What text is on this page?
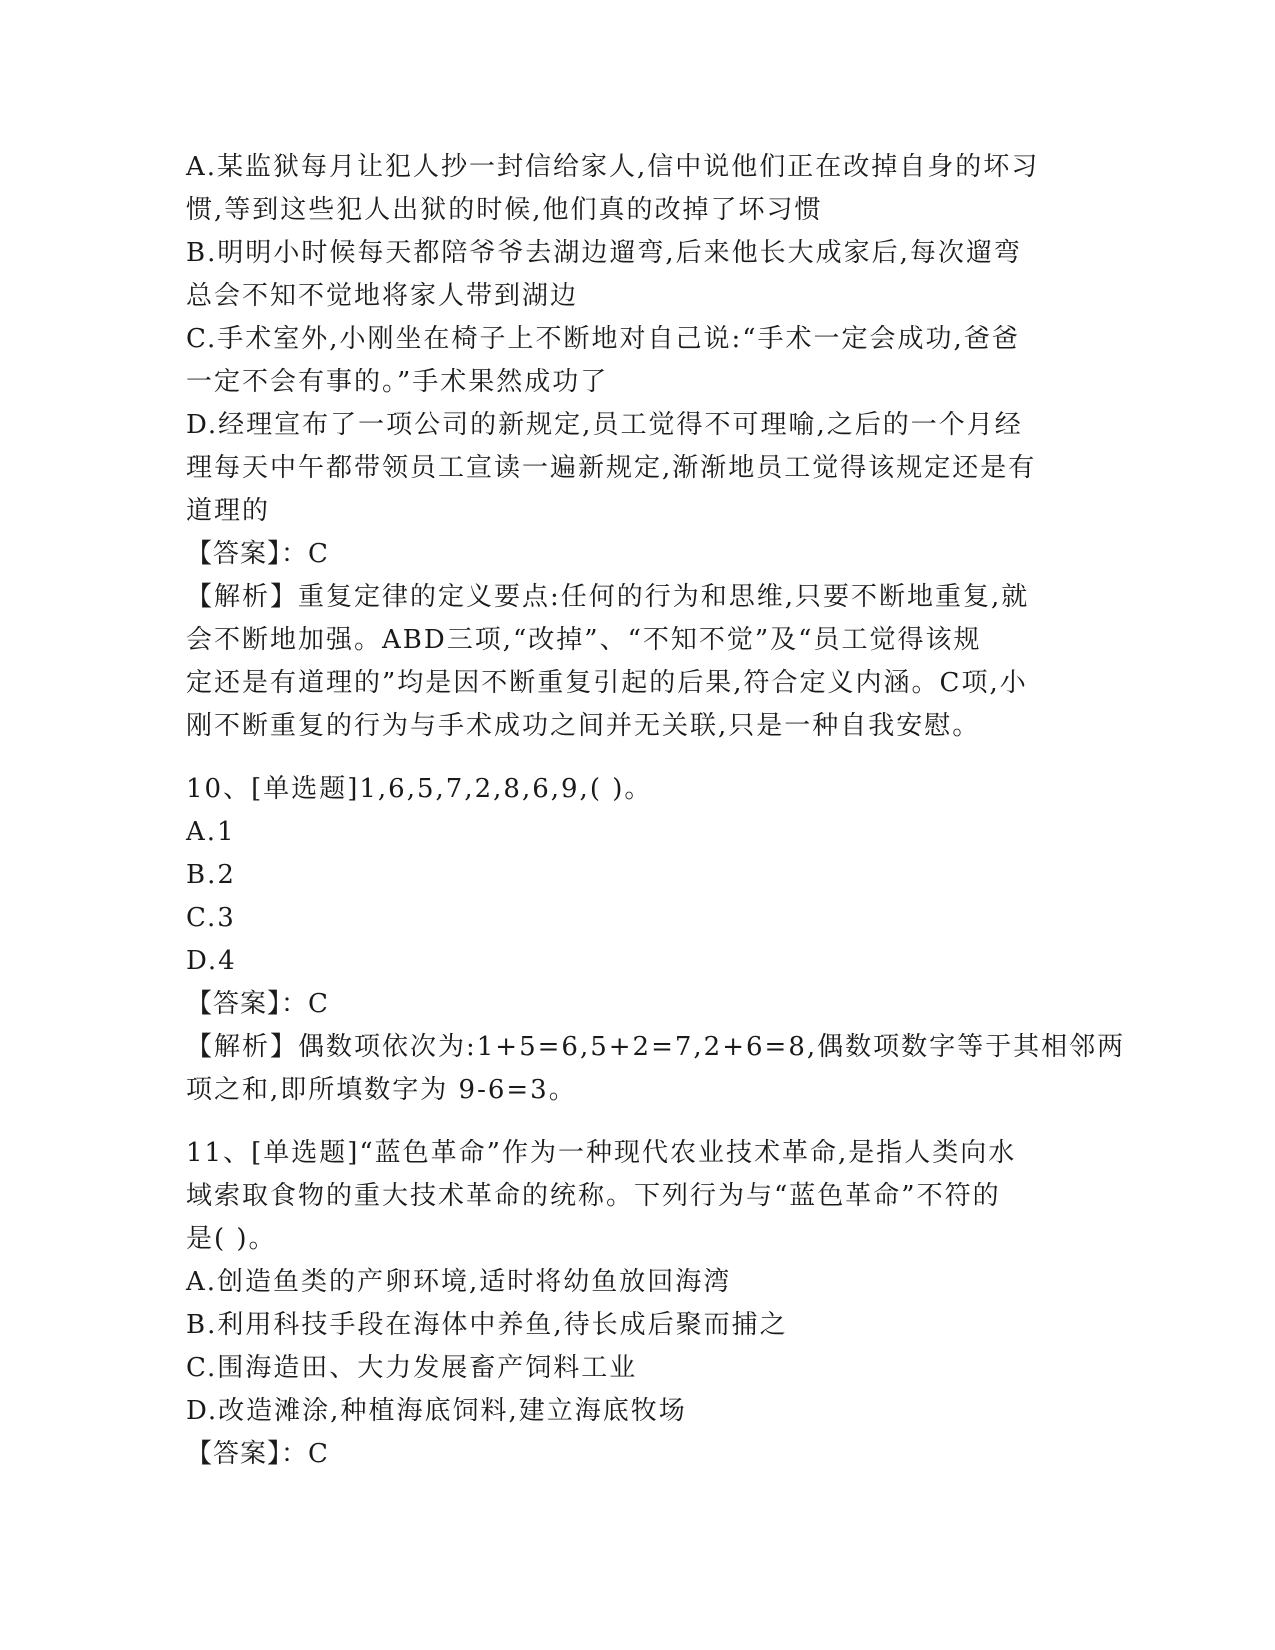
A.某监狱每月让犯人抄一封信给家人,信中说他们正在改掉自身的坏习
惯,等到这些犯人出狱的时候,他们真的改掉了坏习惯
B.明明小时候每天都陪爷爷去湖边遛弯,后来他长大成家后,每次遛弯
总会不知不觉地将家人带到湖边
C.手术室外,小刚坐在椅子上不断地对自己说:“手术一定会成功,爸爸
一定不会有事的。”手术果然成功了
D.经理宣布了一项公司的新规定,员工觉得不可理喻,之后的一个月经
理每天中午都带领员工宣读一遍新规定,渐渐地员工觉得该规定还是有
道理的
【答案】：C
【解析】重复定律的定义要点:任何的行为和思维,只要不断地重复,就
会不断地加强。ABD三项,“改掉”、“不知不觉”及“员工觉得该规
定还是有道理的”均是因不断重复引起的后果,符合定义内涵。C项,小
刚不断重复的行为与手术成功之间并无关联,只是一种自我安慰。
10、[单选题]1,6,5,7,2,8,6,9,( )。
A.1
B.2
C.3
D.4
【答案】：C
【解析】偶数项依次为:1+5=6,5+2=7,2+6=8,偶数项数字等于其相邻两
项之和,即所填数字为 9-6=3。
11、[单选题]“蓝色革命”作为一种现代农业技术革命,是指人类向水
域索取食物的重大技术革命的统称。下列行为与“蓝色革命”不符的
是( )。
A.创造鱼类的产卵环境,适时将幼鱼放回海湾
B.利用科技手段在海体中养鱼,待长成后聚而捕之
C.围海造田、大力发展畜产饲料工业
D.改造滩涂,种植海底饲料,建立海底牧场
【答案】：C
